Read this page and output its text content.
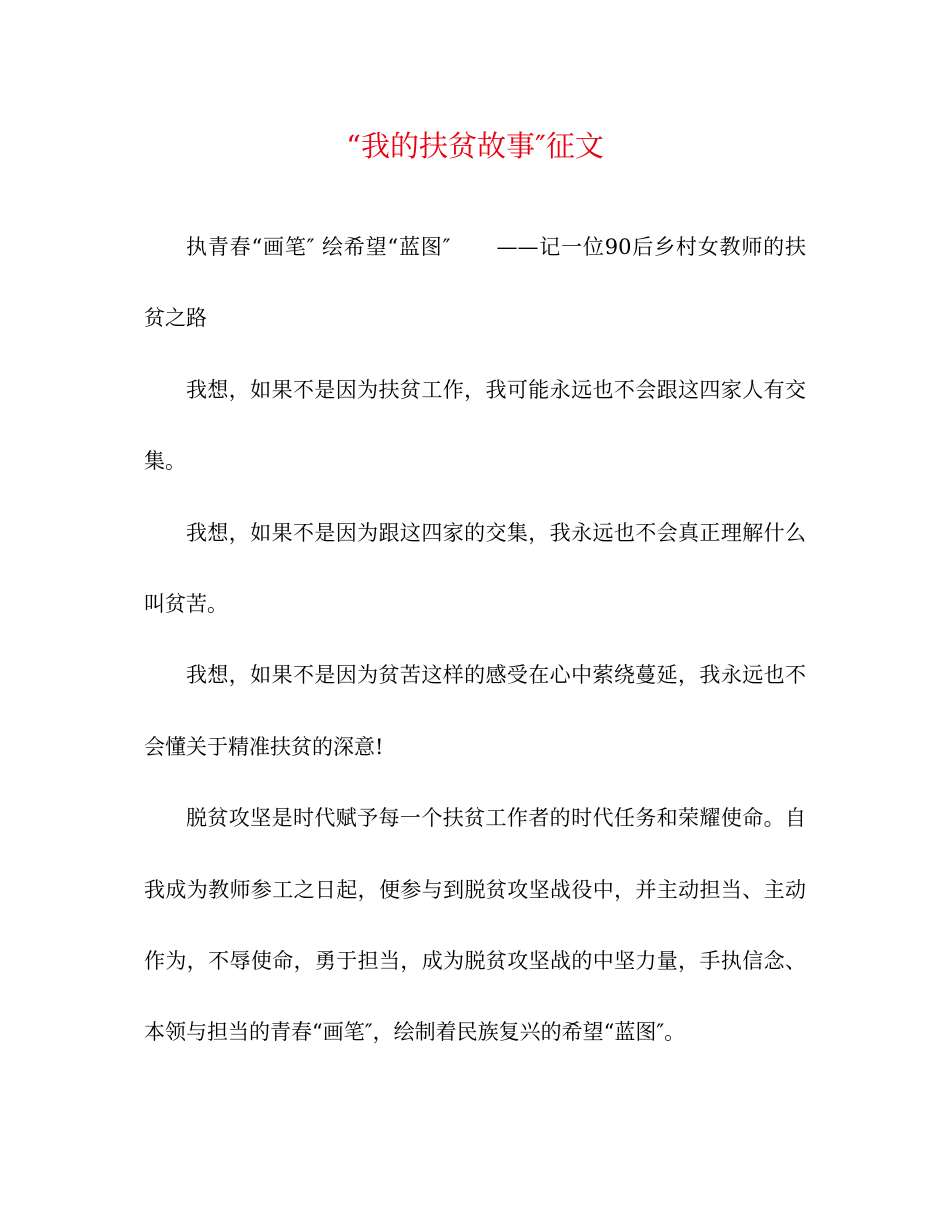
“我的扶贫故事″征文

执青春“画笔″ 绘希望“蓝图″ ——记一位90后乡村女教师的扶贫之路

我想，如果不是因为扶贫工作，我可能永远也不会跟这四家人有交集。

我想，如果不是因为跟这四家的交集，我永远也不会真正理解什么叫贫苦。

我想，如果不是因为贫苦这样的感受在心中萦绕蔓延，我永远也不会懂关于精准扶贫的深意!

脱贫攻坚是时代赋予每一个扶贫工作者的时代任务和荣耀使命。自我成为教师参工之日起，便参与到脱贫攻坚战役中，并主动担当、主动作为，不辱使命，勇于担当，成为脱贫攻坚战的中坚力量，手执信念、本领与担当的青春“画笔″，绘制着民族复兴的希望“蓝图″。
